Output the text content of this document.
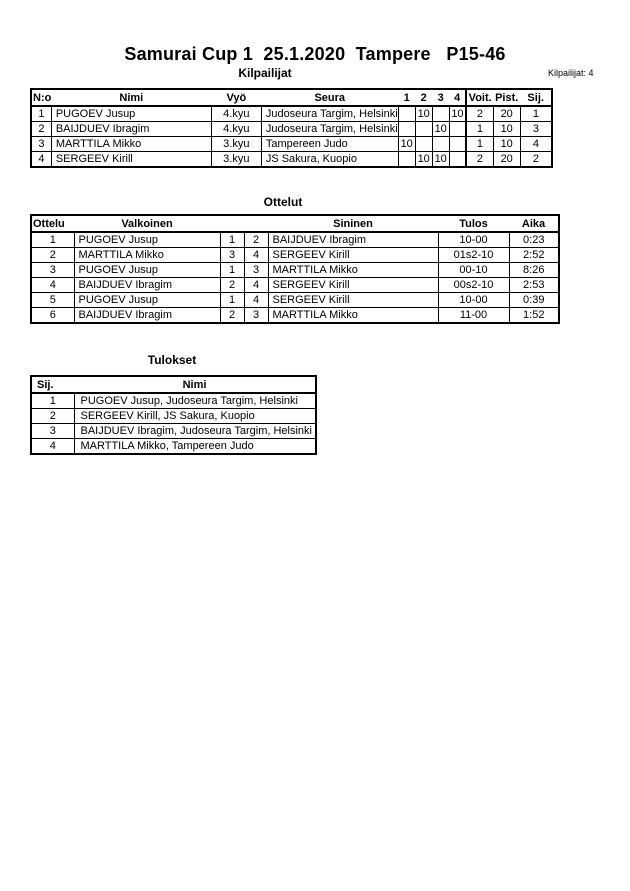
Samurai Cup 1  25.1.2020  Tampere   P15-46
Kilpailijat: 4
Kilpailijat
N:o	Nimi	Vyö	Seura	1	2	3	4	Voit.	Pist.	Sij.
1	PUGOEV Jusup	4.kyu	Judoseura Targim, Helsinki		10		10	2	20	1
2	BAIJDUEV Ibragim	4.kyu	Judoseura Targim, Helsinki			10		1	10	3
3	MARTTILA Mikko	3.kyu	Tampereen Judo	10				1	10	4
4	SERGEEV Kirill	3.kyu	JS Sakura, Kuopio		10	10		2	20	2
Ottelut
Ottelu	Valkoinen			Sininen	Tulos	Aika
1	PUGOEV Jusup	1	2	BAIJDUEV Ibragim	10-00	0:23
2	MARTTILA Mikko	3	4	SERGEEV Kirill	01s2-10	2:52
3	PUGOEV Jusup	1	3	MARTTILA Mikko	00-10	8:26
4	BAIJDUEV Ibragim	2	4	SERGEEV Kirill	00s2-10	2:53
5	PUGOEV Jusup	1	4	SERGEEV Kirill	10-00	0:39
6	BAIJDUEV Ibragim	2	3	MARTTILA Mikko	11-00	1:52
Tulokset
Sij.	Nimi
1	PUGOEV Jusup, Judoseura Targim, Helsinki
2	SERGEEV Kirill, JS Sakura, Kuopio
3	BAIJDUEV Ibragim, Judoseura Targim, Helsinki
4	MARTTILA Mikko, Tampereen Judo
